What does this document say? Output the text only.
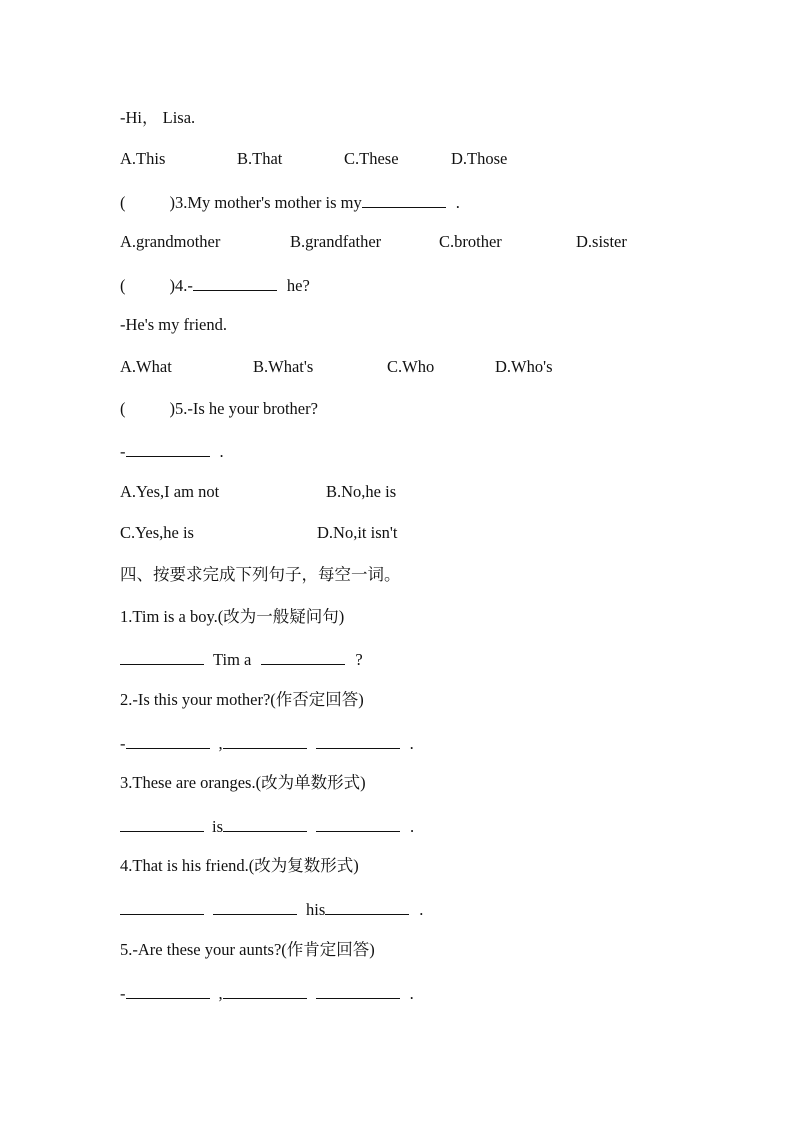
-Hi， Lisa.

A.This

	B.That

	C.These

	D.Those

(	)3.My mother's mother is my	.

A.grandmother

	B.grandfather

	C.brother

	D.sister

(	)4.-	he?
-He's my friend.

A.What

	B.What's

	C.Who

	D.Who's

(	)5.-Is he your brother?
-	.

A.Yes,I am not

	B.No,he is

C.Yes,he is

	D.No,it isn't

四、按要求完成下列句子，每空一词。
1.Tim is a boy.(改为一般疑问句)
Tim a	?
2.-Is this your mother?(作否定回答)
-	,	.
3.These are oranges.(改为单数形式)
is	.
4.That is his friend.(改为复数形式)
his	.
5.-Are these your aunts?(作肯定回答)
-	,	.
